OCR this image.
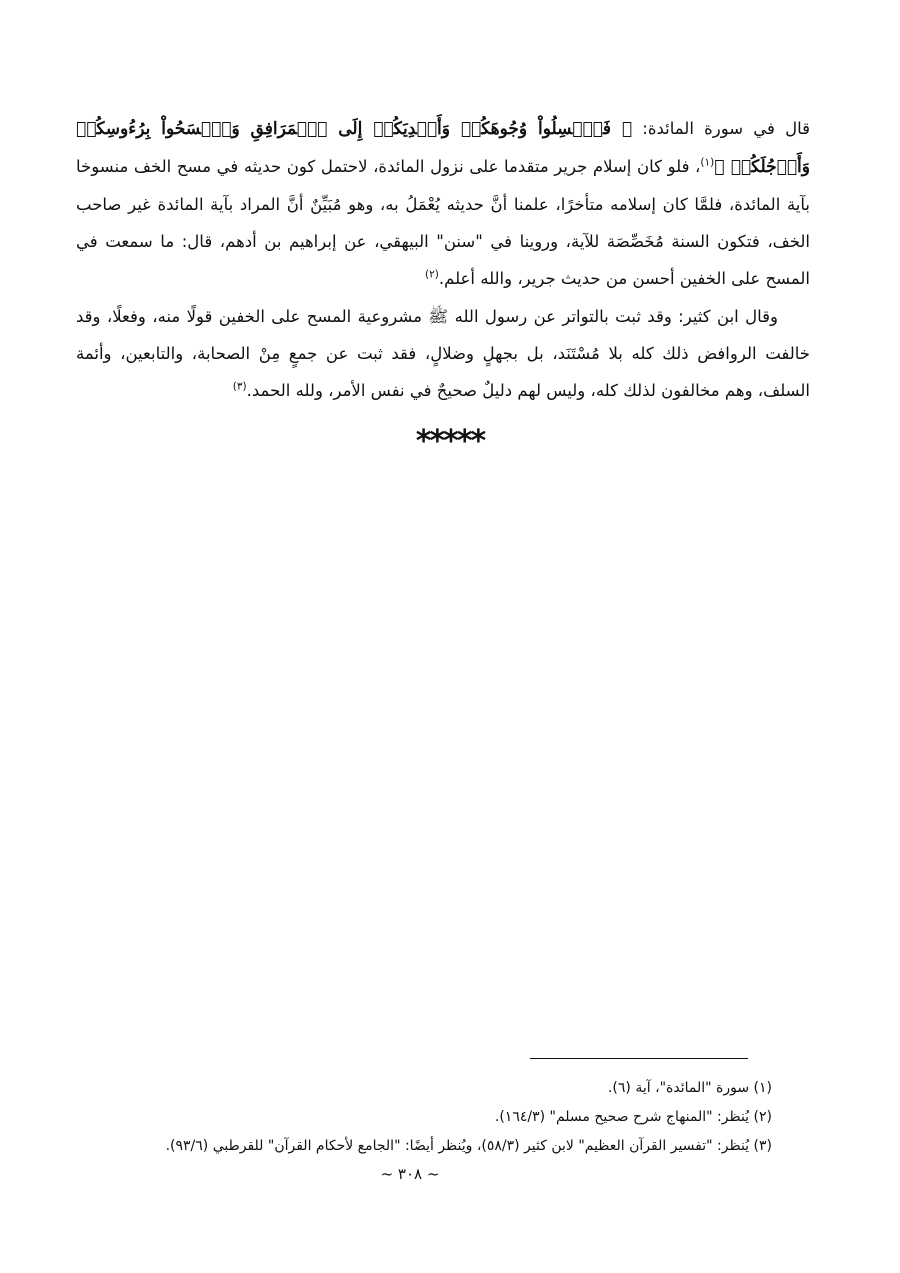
قال في سورة المائدة: ﴿ فَٱغۡسِلُواْ وُجُوهَكُمۡ وَأَيۡدِيَكُمۡ إِلَى ٱلۡمَرَافِقِ وَٱمۡسَحُواْ بِرُءُوسِكُمۡ وَأَرۡجُلَكُمۡ ﴾$^{(١)}$، فلو كان إسلام جرير متقدما على نزول المائدة، لاحتمل كون حديثه في مسح الخف منسوخا بآية المائدة، فلمَّا كان إسلامه متأخرًا، علمنا أنَّ حديثه يُعْمَلُ به، وهو مُبَيِّنٌ أنَّ المراد بآية المائدة غير صاحب الخف، فتكون السنة مُخَصِّصَة للآية، وروينا في "سنن" البيهقي، عن إبراهيم بن أدهم، قال: ما سمعت في المسح على الخفين أحسن من حديث جرير، والله أعلم.$^{(٢)}$

وقال ابن كثير: وقد ثبت بالتواتر عن رسول الله ﷺ مشروعية المسح على الخفين قولًا منه، وفعلًا، وقد خالفت الروافض ذلك كله بلا مُسْتَنَد، بل بجهلٍ وضلالٍ، فقد ثبت عن جمعٍ مِنْ الصحابة، والتابعين، وأئمة السلف، وهم مخالفون لذلك كله، وليس لهم دليلٌ صحيحٌ في نفس الأمر، ولله الحمد.$^{(٣)}$

*****

(١) سورة "المائدة"، آية (٦).

(٢) يُنظر: "المنهاج شرح صحيح مسلم" (١٦٤/٣).

(٣) يُنظر: "تفسير القرآن العظيم" لابن كثير (٥٨/٣)، ويُنظر أيضًا: "الجامع لأحكام القرآن" للقرطبي (٩٣/٦).

~ ٣٠٨ ~
